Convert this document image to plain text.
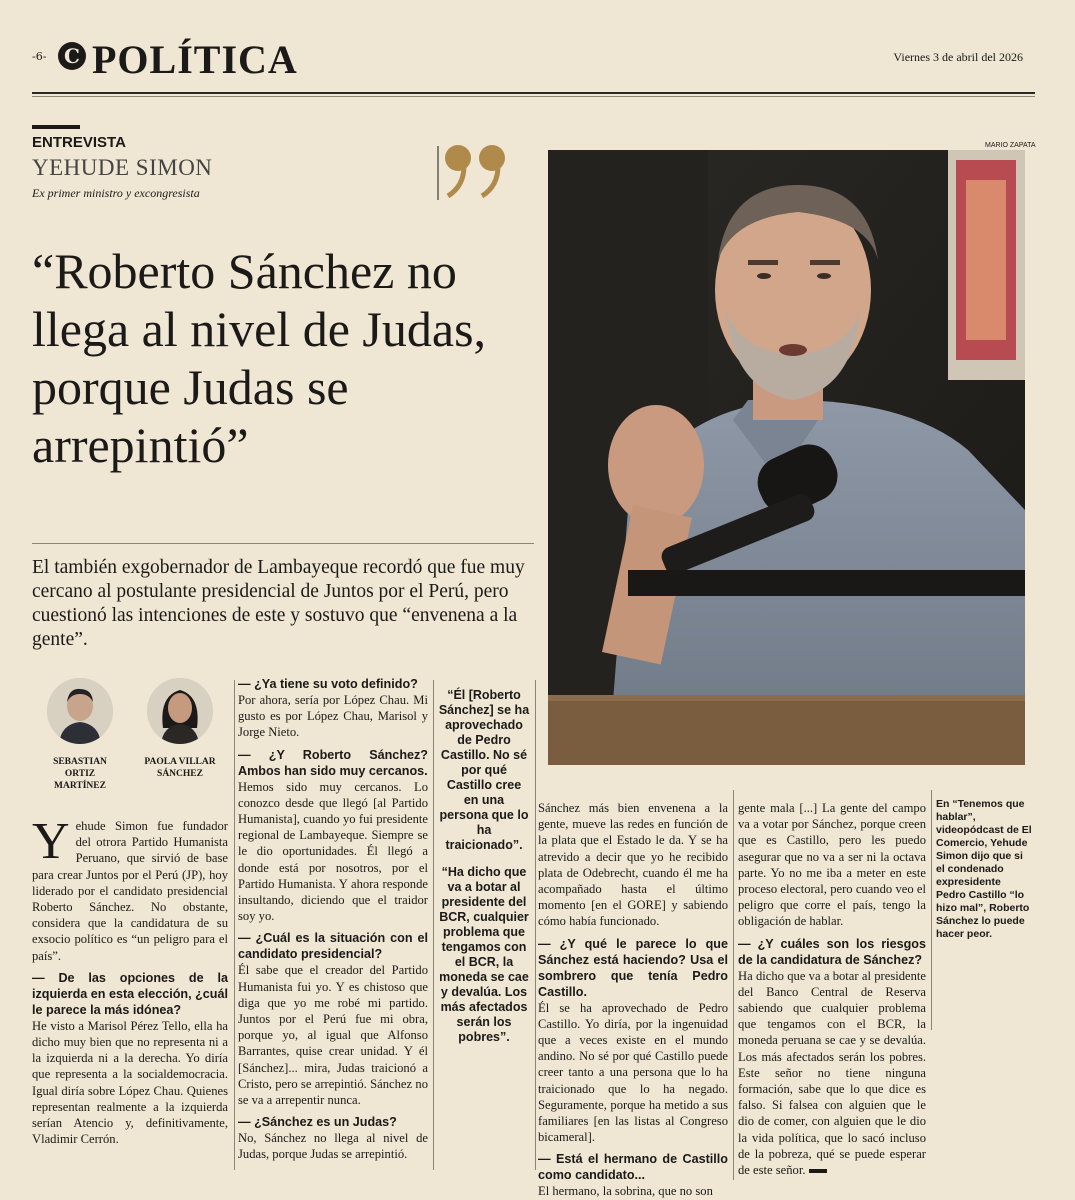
-6- C POLÍTICA	Viernes 3 de abril del 2026
ENTREVISTA
YEHUDE SIMON
Ex primer ministro y excongresista
“Roberto Sánchez no llega al nivel de Judas, porque Judas se arrepintió”
El también exgobernador de Lambayeque recordó que fue muy cercano al postulante presidencial de Juntos por el Perú, pero cuestionó las intenciones de este y sostuvo que “envenena a la gente”.
MARIO ZAPATA
SEBASTIAN ORTIZ MARTÍNEZ
PAOLA VILLAR SÁNCHEZ

Yehude Simon fue fundador del otrora Partido Humanista Peruano, que sirvió de base para crear Juntos por el Perú (JP), hoy liderado por el candidato presidencial Roberto Sánchez. No obstante, considera que la candidatura de su exsocio político es “un peligro para el país”.

— De las opciones de la izquierda en esta elección, ¿cuál le parece la más idónea?

He visto a Marisol Pérez Tello, ella ha dicho muy bien que no representa ni a la izquierda ni a la derecha. Yo diría que representa a la socialdemocracia. Igual diría sobre López Chau. Quienes representan realmente a la izquierda serían Atencio y, definitivamente, Vladimir Cerrón.

— ¿Ya tiene su voto definido?

Por ahora, sería por López Chau. Mi gusto es por López Chau, Marisol y Jorge Nieto.

— ¿Y Roberto Sánchez? Ambos han sido muy cercanos.

Hemos sido muy cercanos. Lo conozco desde que llegó [al Partido Humanista], cuando yo fui presidente regional de Lambayeque. Siempre se le dio oportunidades. Él llegó a donde está por nosotros, por el Partido Humanista. Y ahora responde insultando, diciendo que el traidor soy yo.

— ¿Cuál es la situación con el candidato presidencial?

Él sabe que el creador del Partido Humanista fui yo. Y es chistoso que diga que yo me robé mi partido. Juntos por el Perú fue mi obra, porque yo, al igual que Alfonso Barrantes, quise crear unidad. Y él [Sánchez]... mira, Judas traicionó a Cristo, pero se arrepintió. Sánchez no se va a arrepentir nunca.

— ¿Sánchez es un Judas?

No, Sánchez no llega al nivel de Judas, porque Judas se arrepintió.

“Él [Roberto Sánchez] se ha aprovechado de Pedro Castillo. No sé por qué Castillo cree en una persona que lo ha traicionado”.

“Ha dicho que va a botar al presidente del BCR, cualquier problema que tengamos con el BCR, la moneda se cae y devalúa. Los más afectados serán los pobres”.

Sánchez más bien envenena a la gente, mueve las redes en función de la plata que el Estado le da. Y se ha atrevido a decir que yo he recibido plata de Odebrecht, cuando él me ha acompañado hasta el último momento [en el GORE] y sabiendo cómo había funcionado.

— ¿Y qué le parece lo que Sánchez está haciendo? Usa el sombrero que tenía Pedro Castillo.

Él se ha aprovechado de Pedro Castillo. Yo diría, por la ingenuidad que a veces existe en el mundo andino. No sé por qué Castillo puede creer tanto a una persona que lo ha traicionado que lo ha negado. Seguramente, porque ha metido a sus familiares [en las listas al Congreso bicameral].

— Está el hermano de Castillo como candidato...

El hermano, la sobrina, que no son

gente mala [...] La gente del campo va a votar por Sánchez, porque creen que es Castillo, pero les puedo asegurar que no va a ser ni la octava parte. Yo no me iba a meter en este proceso electoral, pero cuando veo el peligro que corre el país, tengo la obligación de hablar.

— ¿Y cuáles son los riesgos de la candidatura de Sánchez?

Ha dicho que va a botar al presidente del Banco Central de Reserva sabiendo que cualquier problema que tengamos con el BCR, la moneda peruana se cae y se devalúa. Los más afectados serán los pobres. Este señor no tiene ninguna formación, sabe que lo que dice es falso. Si falsea con alguien que le dio de comer, con alguien que le dio la vida política, que lo sacó incluso de la pobreza, qué se puede esperar de este señor.

En “Tenemos que hablar”, videopódcast de El Comercio, Yehude Simon dijo que si el condenado expresidente Pedro Castillo “lo hizo mal”, Roberto Sánchez lo puede hacer peor.
